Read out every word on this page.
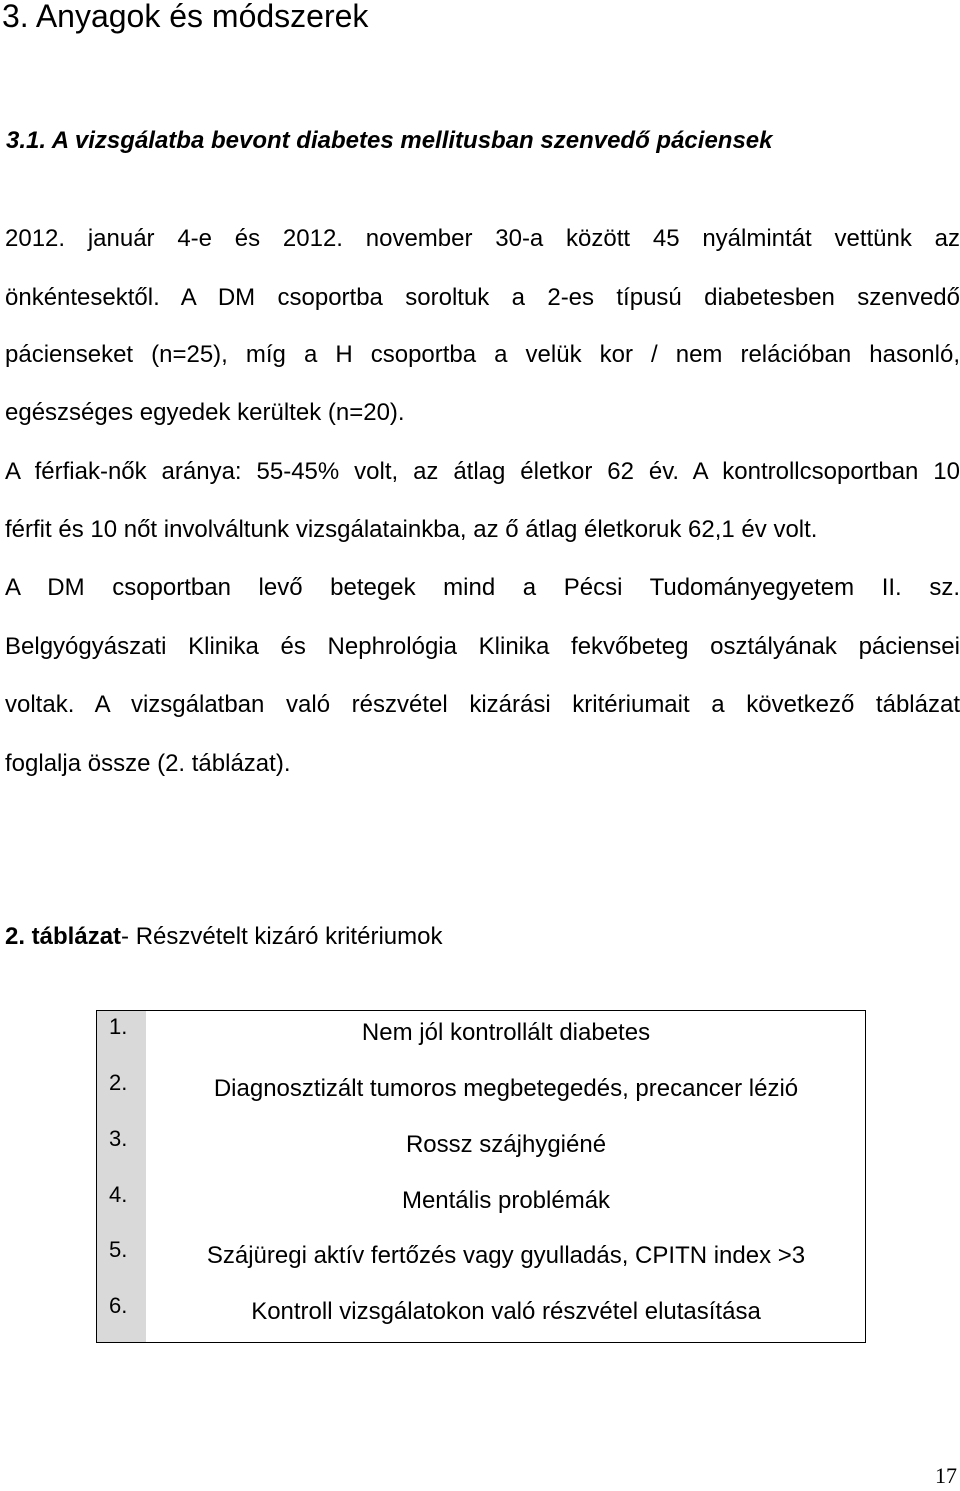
3. Anyagok és módszerek
3.1. A vizsgálatba bevont diabetes mellitusban szenvedő páciensek
2012. január 4-e és 2012. november 30-a között 45 nyálmintát vettünk az
önkéntesektől. A DM csoportba soroltuk a 2-es típusú diabetesben szenvedő
pácienseket (n=25), míg a H csoportba a velük kor / nem relációban hasonló,
egészséges egyedek kerültek (n=20).
A férfiak-nők aránya: 55-45% volt, az átlag életkor 62 év. A kontrollcsoportban 10
férfit és 10 nőt involváltunk vizsgálatainkba, az ő átlag életkoruk 62,1 év volt.
A DM csoportban levő betegek mind a Pécsi Tudományegyetem II. sz.
Belgyógyászati Klinika és Nephrológia Klinika fekvőbeteg osztályának páciensei
voltak. A vizsgálatban való részvétel kizárási kritériumait a következő táblázat
foglalja össze (2. táblázat).
2. táblázat- Részvételt kizáró kritériumok
1.	Nem jól kontrollált diabetes
2.	Diagnosztizált tumoros megbetegedés, precancer lézió
3.	Rossz szájhygiéné
4.	Mentális problémák
5.	Szájüregi aktív fertőzés vagy gyulladás, CPITN index >3
6.	Kontroll vizsgálatokon való részvétel elutasítása
17
